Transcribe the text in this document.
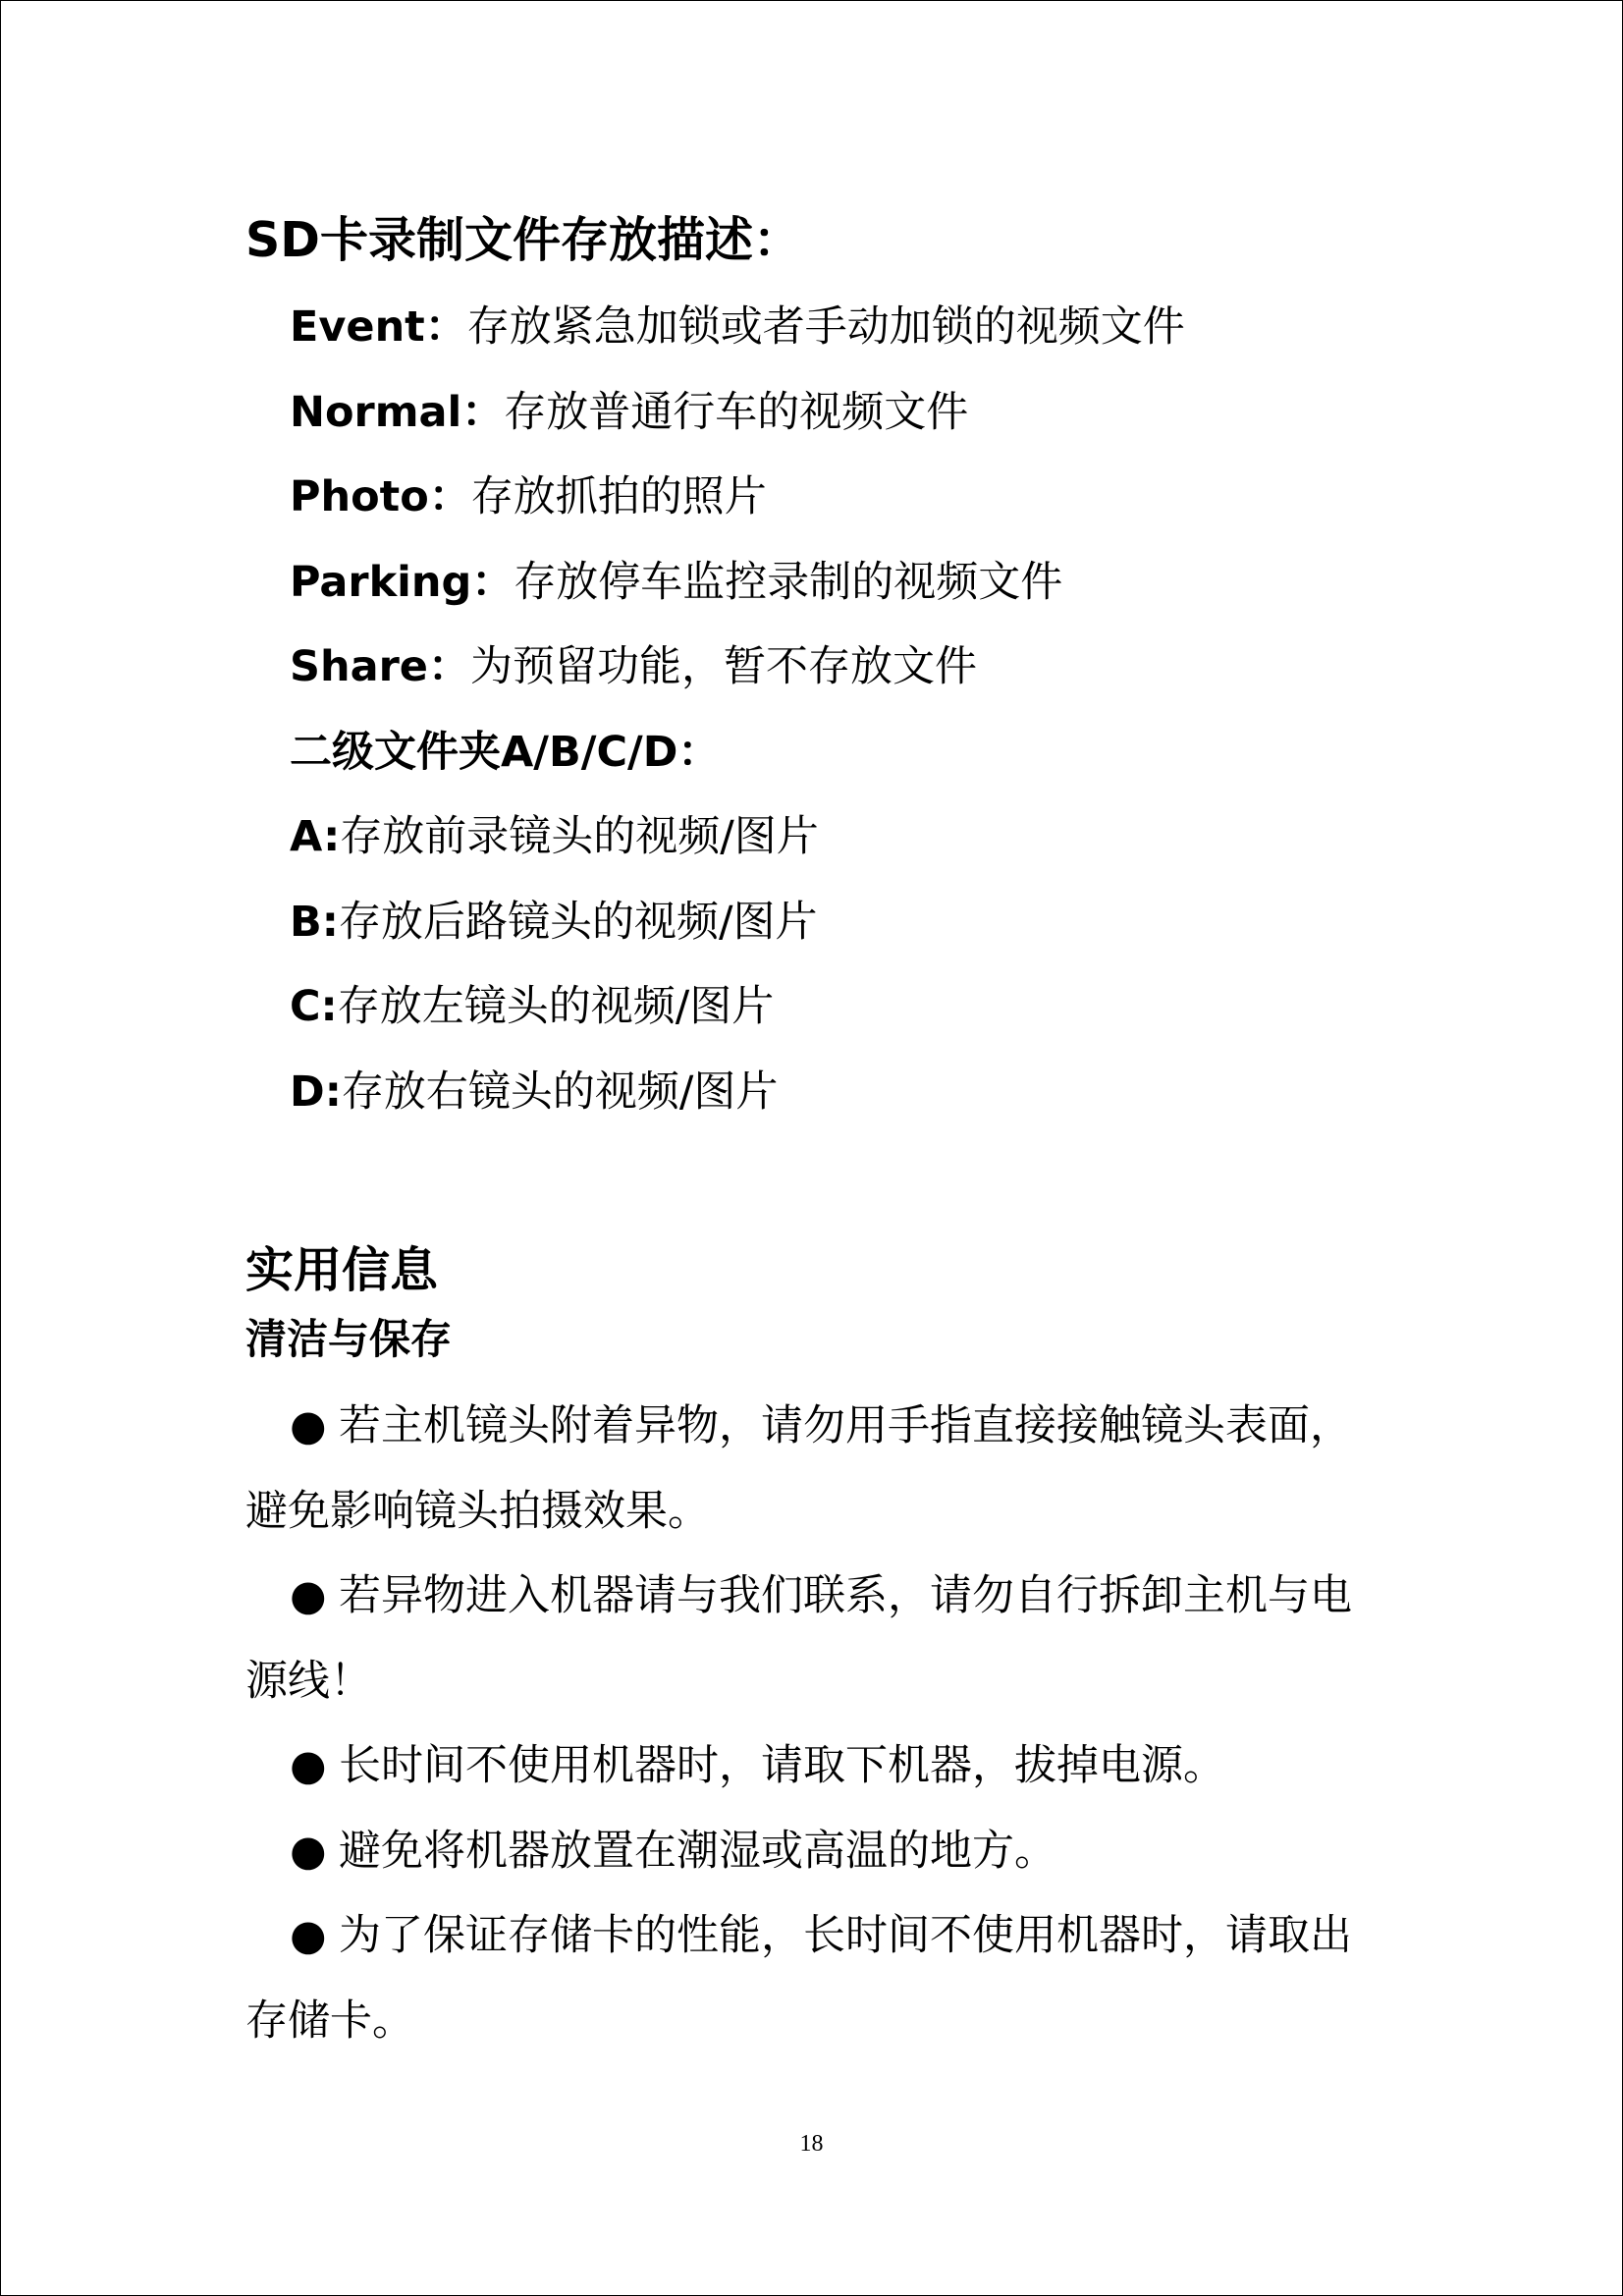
SD卡录制文件存放描述：
Event：存放紧急加锁或者手动加锁的视频文件
Normal：存放普通行车的视频文件
Photo：存放抓拍的照片
Parking：存放停车监控录制的视频文件
Share：为预留功能，暂不存放文件
二级文件夹A/B/C/D：
A:存放前录镜头的视频/图片
B:存放后路镜头的视频/图片
C:存放左镜头的视频/图片
D:存放右镜头的视频/图片
实用信息
清洁与保存
● 若主机镜头附着异物，请勿用手指直接接触镜头表面，
避免影响镜头拍摄效果。
● 若异物进入机器请与我们联系，请勿自行拆卸主机与电
源线！
● 长时间不使用机器时，请取下机器，拔掉电源。
● 避免将机器放置在潮湿或高温的地方。
● 为了保证存储卡的性能，长时间不使用机器时，请取出
存储卡。
18
